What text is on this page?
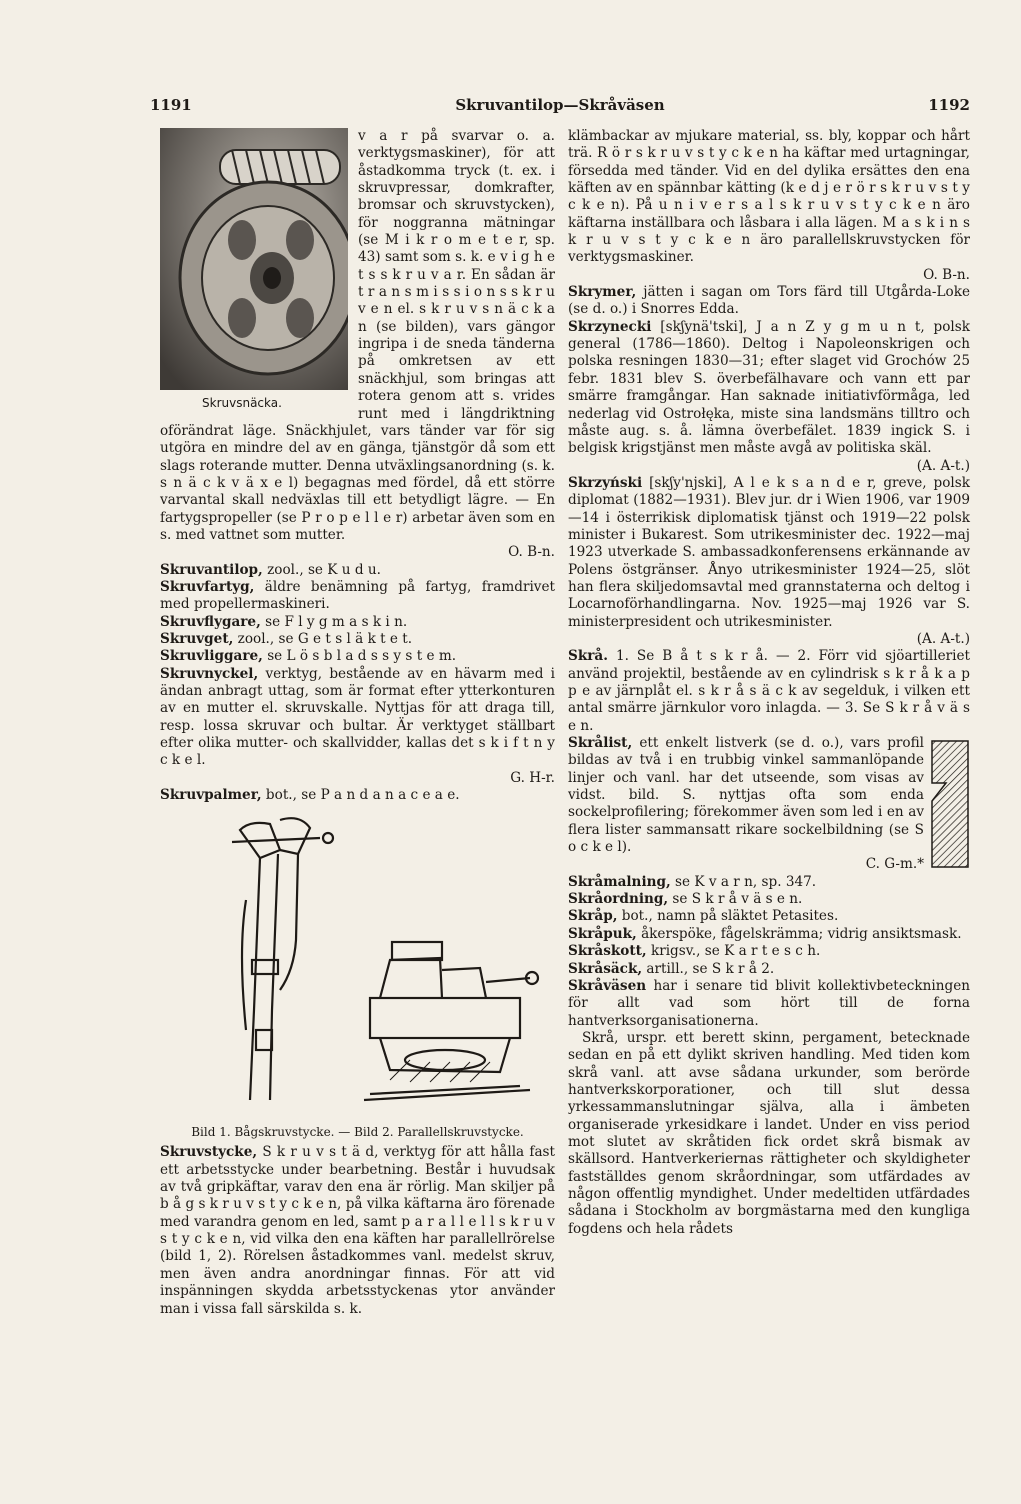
1191	Skruvantilop—Skråväsen	1192

Skruvsnäcka.
v a r på svarvar o. a. verktygsmaskiner), för att åstadkomma tryck (t. ex. i skruvpressar, domkrafter, bromsar och skruvstycken), för noggranna mätningar (se M i k r o m e t e r, sp. 43) samt som s. k. e v i g h e t s s k r u v a r. En sådan är t r a n s m i s s i o n s s k r u v e n el. s k r u v s n ä c k a n (se bilden), vars gängor ingripa i de sneda tänderna på omkretsen av ett snäckhjul, som bringas att rotera genom att s. vrides runt med i längdriktning oförändrat läge. Snäckhjulet, vars tänder var för sig utgöra en mindre del av en gänga, tjänstgör då som ett slags roterande mutter. Denna utväxlingsanordning (s. k. s n ä c k v ä x e l) begagnas med fördel, då ett större varvantal skall nedväxlas till ett betydligt lägre. — En fartygspropeller (se P r o p e l l e r) arbetar även som en s. med vattnet som mutter.
O. B-n.

Skruvantilop, zool., se K u d u.

Skruvfartyg, äldre benämning på fartyg, framdrivet med propellermaskineri.

Skruvflygare, se F l y g m a s k i n.

Skruvget, zool., se G e t s l ä k t e t.

Skruvliggare, se L ö s b l a d s s y s t e m.

Skruvnyckel, verktyg, bestående av en hävarm med i ändan anbragt uttag, som är format efter ytterkonturen av en mutter el. skruvskalle. Nyttjas för att draga till, resp. lossa skruvar och bultar. Är verktyget ställbart efter olika mutter- och skallvidder, kallas det s k i f t n y c k e l.
G. H-r.

Skruvpalmer, bot., se P a n d a n a c e a e.

Bild 1. Bågskruvstycke. — Bild 2. Parallellskruvstycke.

Skruvstycke, S k r u v s t ä d, verktyg för att hålla fast ett arbetsstycke under bearbetning. Består i huvudsak av två gripkäftar, varav den ena är rörlig. Man skiljer på b å g s k r u v s t y c k e n, på vilka käftarna äro förenade med varandra genom en led, samt p a r a l l e l l s k r u v s t y c k e n, vid vilka den ena käften har parallellrörelse (bild 1, 2). Rörelsen åstadkommes vanl. medelst skruv, men även andra anordningar finnas. För att vid inspänningen skydda arbetsstyckenas ytor använder man i vissa fall särskilda s. k.

klämbackar av mjukare material, ss. bly, koppar och hårt trä. R ö r s k r u v s t y c k e n ha käftar med urtagningar, försedda med tänder. Vid en del dylika ersättes den ena käften av en spännbar kätting (k e d j e r ö r s k r u v s t y c k e n). På u n i v e r s a l s k r u v s t y c k e n äro käftarna inställbara och låsbara i alla lägen. M a s k i n s k r u v s t y c k e n äro parallellskruvstycken för verktygsmaskiner.
O. B-n.

Skrymer, jätten i sagan om Tors färd till Utgårda-Loke (se d. o.) i Snorres Edda.

Skrzynecki [skʃynä'tski], J a n Z y g m u n t, polsk general (1786—1860). Deltog i Napoleonskrigen och polska resningen 1830—31; efter slaget vid Grochów 25 febr. 1831 blev S. överbefälhavare och vann ett par smärre framgångar. Han saknade initiativförmåga, led nederlag vid Ostrołęka, miste sina landsmäns tilltro och måste aug. s. å. lämna överbefälet. 1839 ingick S. i belgisk krigstjänst men måste avgå av politiska skäl.
(A. A-t.)

Skrzyński [skʃy'njski], A l e k s a n d e r, greve, polsk diplomat (1882—1931). Blev jur. dr i Wien 1906, var 1909—14 i österrikisk diplomatisk tjänst och 1919—22 polsk minister i Bukarest. Som utrikesminister dec. 1922—maj 1923 utverkade S. ambassadkonferensens erkännande av Polens östgränser. Ånyo utrikesminister 1924—25, slöt han flera skiljedomsavtal med grannstaterna och deltog i Locarnoförhandlingarna. Nov. 1925—maj 1926 var S. ministerpresident och utrikesminister.
(A. A-t.)

Skrå. 1. Se B å t s k r å. — 2. Förr vid sjöartilleriet använd projektil, bestående av en cylindrisk s k r å k a p p e av järnplåt el. s k r å s ä c k av segelduk, i vilken ett antal smärre järnkulor voro inlagda. — 3. Se S k r å v ä s e n.

Skrålist, ett enkelt listverk (se d. o.), vars profil bildas av två i en trubbig vinkel sammanlöpande linjer och vanl. har det utseende, som visas av vidst. bild. S. nyttjas ofta som enda sockelprofilering; förekommer även som led i en av flera lister sammansatt rikare sockelbildning (se S o c k e l).
C. G-m.*

Skråmalning, se K v a r n, sp. 347.

Skråordning, se S k r å v ä s e n.

Skråp, bot., namn på släktet Petasites.

Skråpuk, åkerspöke, fågelskrämma; vidrig ansiktsmask.

Skråskott, krigsv., se K a r t e s c h.

Skråsäck, artill., se S k r å 2.

Skråväsen har i senare tid blivit kollektivbeteckningen för allt vad som hört till de forna hantverksorganisationerna.

Skrå, urspr. ett berett skinn, pergament, betecknade sedan en på ett dylikt skriven handling. Med tiden kom skrå vanl. att avse sådana urkunder, som berörde hantverkskorporationer, och till slut dessa yrkessammanslutningar själva, alla i ämbeten organiserade yrkesidkare i landet. Under en viss period mot slutet av skråtiden fick ordet skrå bismak av skällsord. Hantverkeriernas rättigheter och skyldigheter fastställdes genom skråordningar, som utfärdades av någon offentlig myndighet. Under medeltiden utfärdades sådana i Stockholm av borgmästarna med den kungliga fogdens och hela rådets
